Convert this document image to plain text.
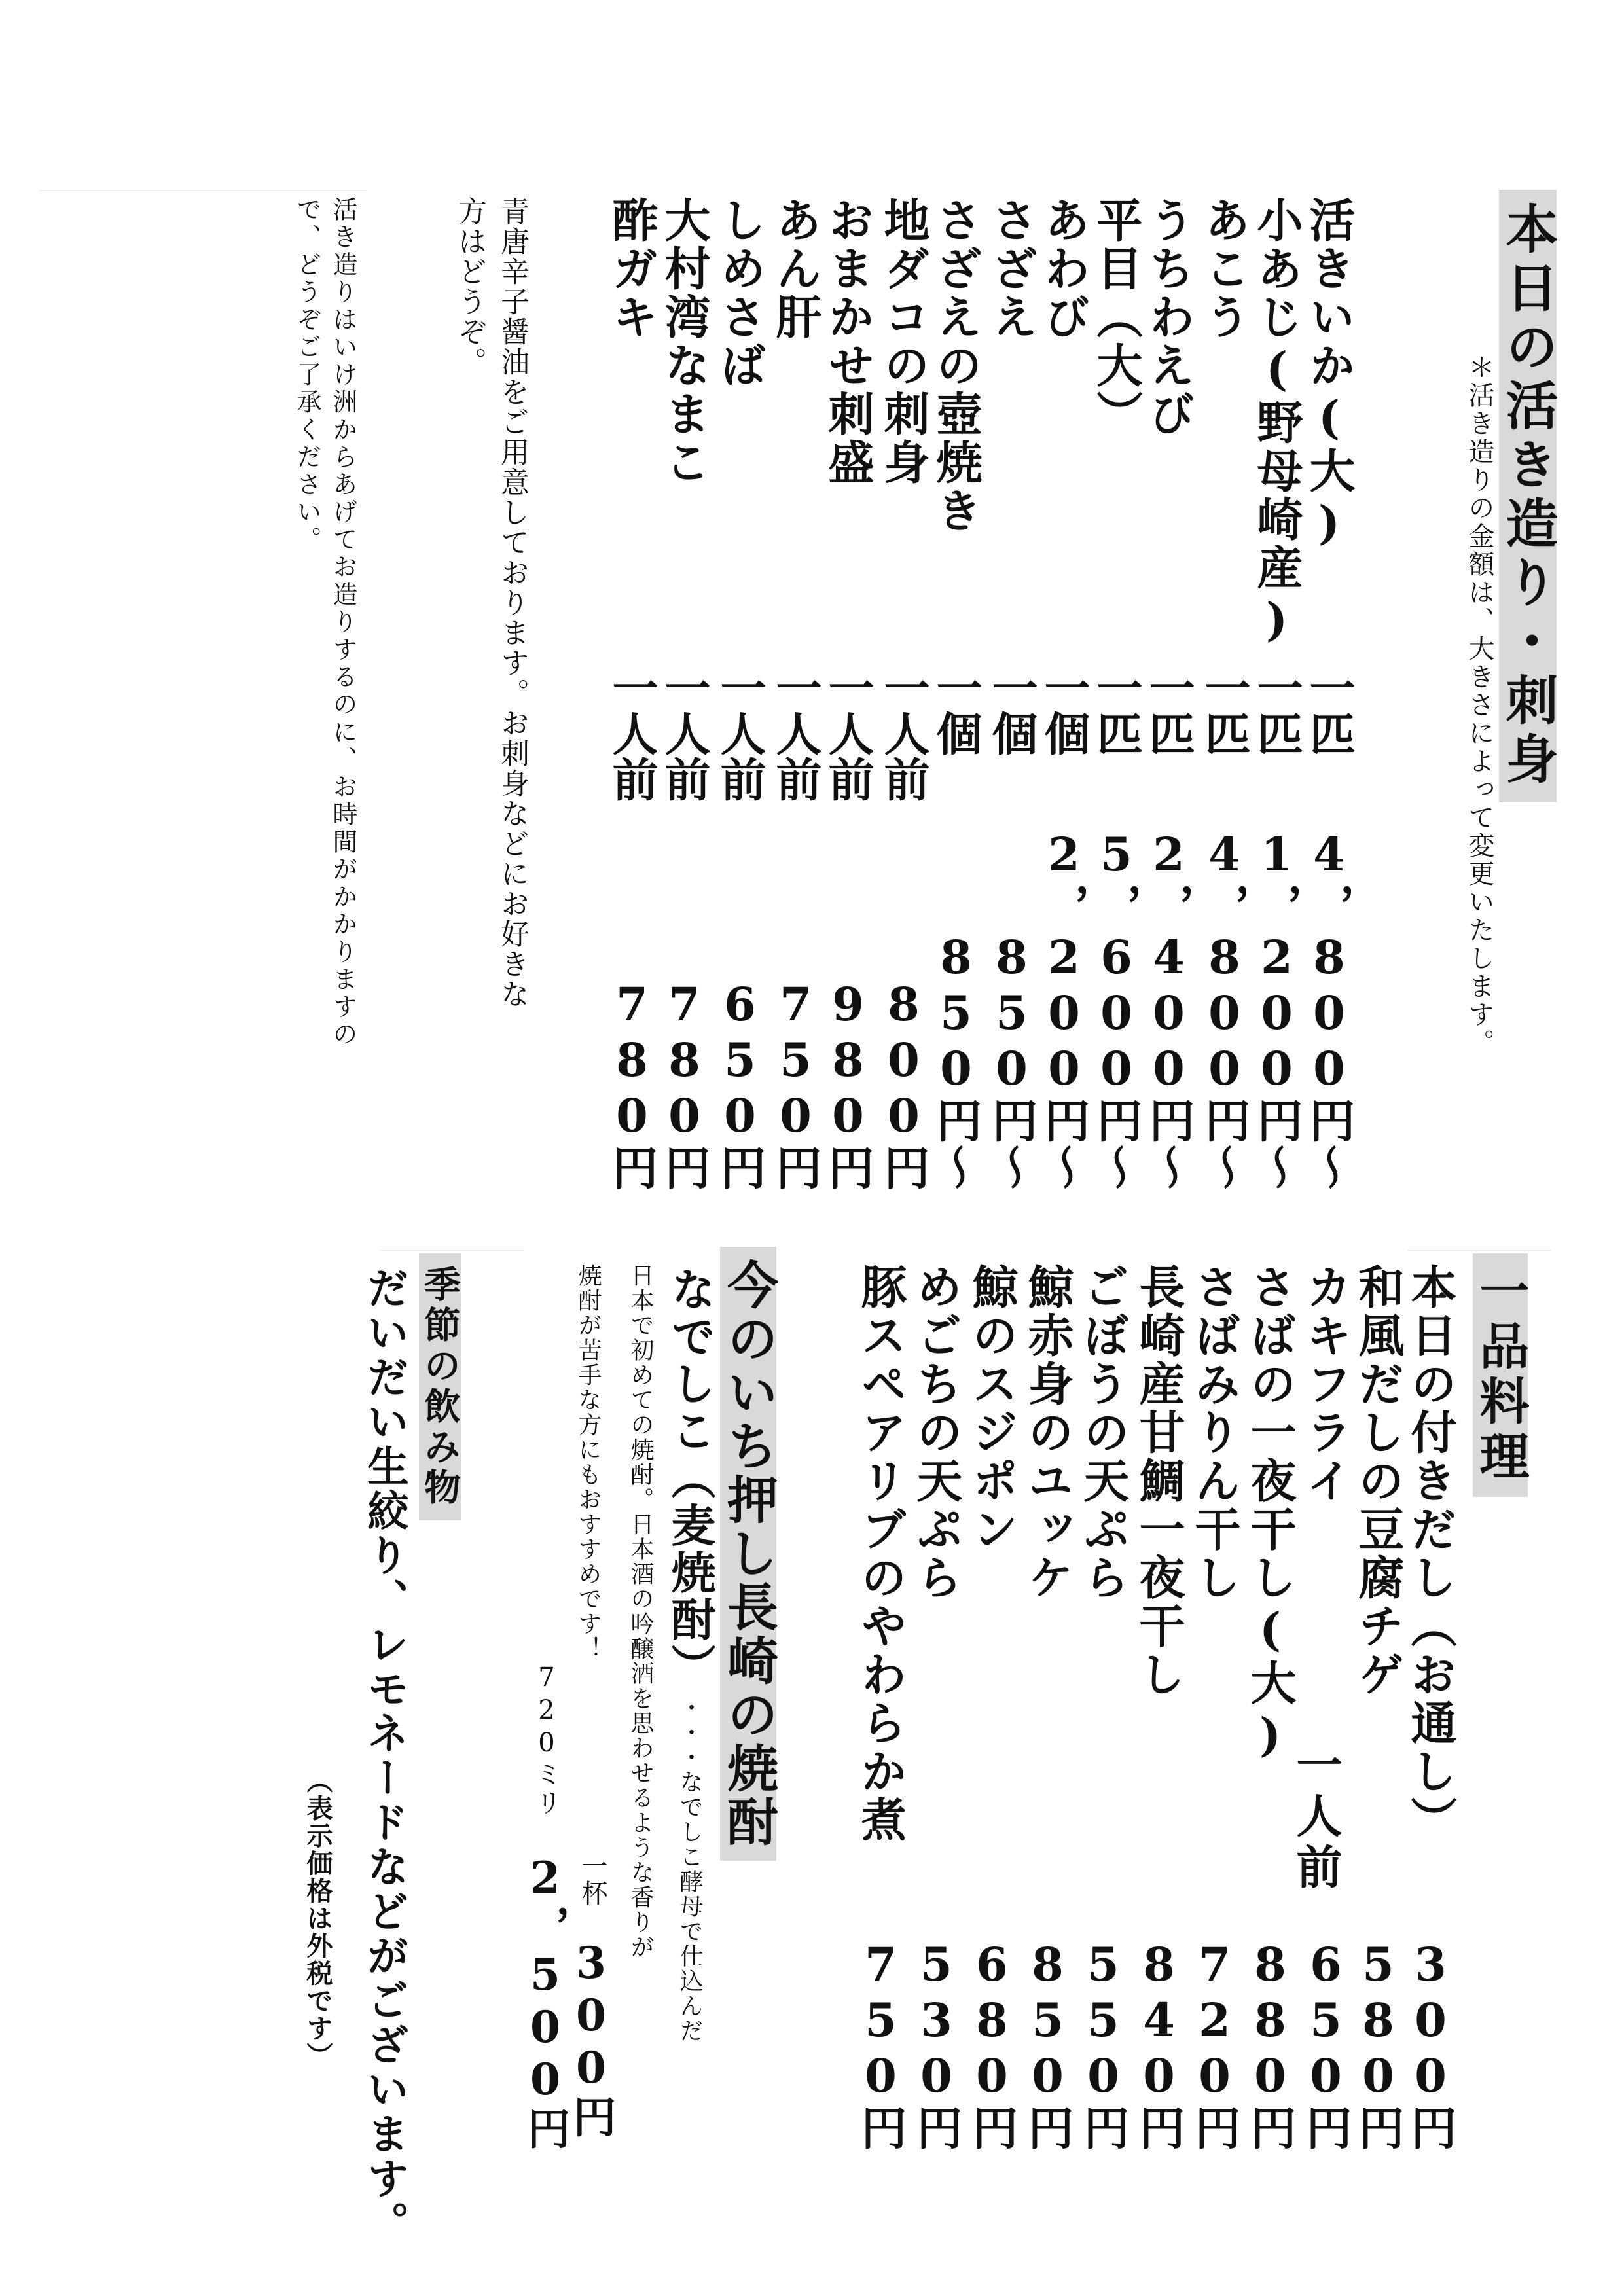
本日の活き造り・刺身
＊活き造りの金額は、大きさによって変更いたします。
活きいか(大)
一匹
4，800円～
小あじ(野母崎産)
一匹
1，200円～
あこう
一匹
4，800円～
うちわえび
一匹
2，400円～
平目（大）
一匹
5，600円～
あわび
一個
2，200円～
さざえ
一個
850円～
さざえの壺焼き
一個
850円～
地ダコの刺身
一人前
800円
おまかせ刺盛
一人前
980円
あん肝
一人前
750円
しめさば
一人前
650円
大村湾なまこ
一人前
780円
酢ガキ
一人前
780円
青唐辛子醤油をご用意しております。お刺身などにお好きな
方はどうぞ。
活き造りはいけ洲からあげてお造りするのに、お時間がかかりますの
で、どうぞご了承ください。
一品料理
本日の付きだし（お通し）
300円
和風だしの豆腐チゲ
580円
カキフライ
650円
さばの一夜干し(大)
880円
さばみりん干し
720円
長崎産甘鯛一夜干し
840円
ごぼうの天ぷら
550円
鯨赤身のユッケ
850円
鯨のスジポン
680円
めごちの天ぷら
530円
豚スペアリブのやわらか煮
750円
一人前
今のいち押し長崎の焼酎
なでしこ（麦焼酎）
・・・なでしこ酵母で仕込んだ
日本で初めての焼酎。日本酒の吟醸酒を思わせるような香りが
焼酎が苦手な方にもおすすめです！
一杯
300円
720ミリ
2，500円
季節の飲み物
だいだい生絞り、レモネードなどがございます。
（表示価格は外税です）
